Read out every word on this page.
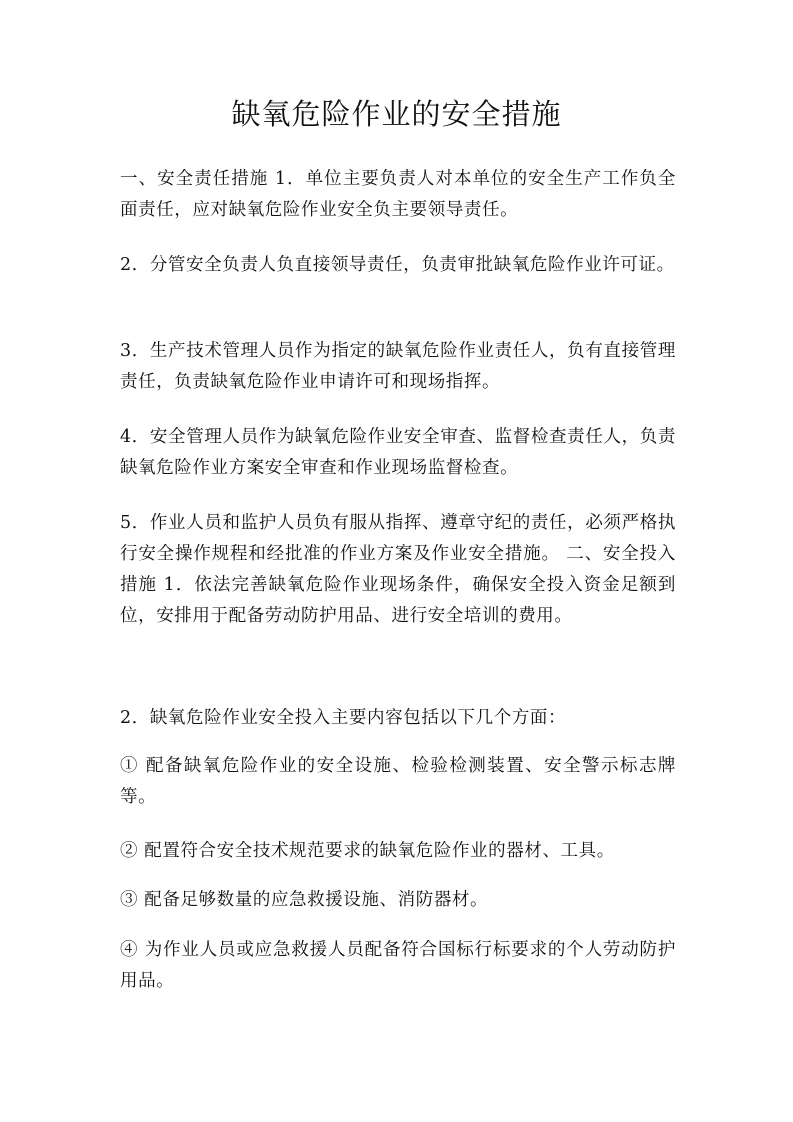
缺氧危险作业的安全措施

一、安全责任措施 1．单位主要负责人对本单位的安全生产工作负全面责任，应对缺氧危险作业安全负主要领导责任。

2．分管安全负责人负直接领导责任，负责审批缺氧危险作业许可证。

3．生产技术管理人员作为指定的缺氧危险作业责任人，负有直接管理责任，负责缺氧危险作业申请许可和现场指挥。

4．安全管理人员作为缺氧危险作业安全审查、监督检查责任人，负责缺氧危险作业方案安全审查和作业现场监督检查。

5．作业人员和监护人员负有服从指挥、遵章守纪的责任，必须严格执行安全操作规程和经批准的作业方案及作业安全措施。 二、安全投入措施 1．依法完善缺氧危险作业现场条件，确保安全投入资金足额到位，安排用于配备劳动防护用品、进行安全培训的费用。

2．缺氧危险作业安全投入主要内容包括以下几个方面：

① 配备缺氧危险作业的安全设施、检验检测装置、安全警示标志牌等。

② 配置符合安全技术规范要求的缺氧危险作业的器材、工具。

③ 配备足够数量的应急救援设施、消防器材。

④ 为作业人员或应急救援人员配备符合国标行标要求的个人劳动防护用品。
